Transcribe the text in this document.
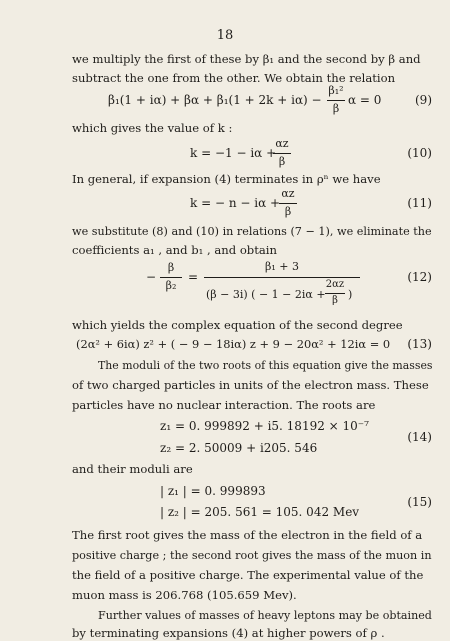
18
we multiply the first of these by β₁ and the second by β and
subtract the one from the other. We obtain the relation
β₁(1 + iα) + βα + β₁(1 + 2k + iα) −
β₁²
β
α = 0	(9)
which gives the value of k :
k = −1 − iα +
αz
β
(10)
In general, if expansion (4) terminates in ρⁿ we have
k = − n − iα +
αz
β
(11)
we substitute (8) and (10) in relations (7 − 1), we eliminate the
coefficients a₁ , and b₁ , and obtain
−
β
β₂
=
β₁ + 3
(β − 3i) ( − 1 − 2iα +
2αz
β )
(12)
which yields the complex equation of the second degree
(2α² + 6iα) z² + ( − 9 − 18iα) z + 9 − 20α² + 12iα = 0	(13)
The moduli of the two roots of this equation give the masses
of two charged particles in units of the electron mass. These
particles have no nuclear interaction. The roots are
z₁ = 0. 999892 + i5. 18192 × 10⁻⁷
z₂ = 2. 50009 + i205. 546
(14)
and their moduli are
| z₁ | = 0. 999893
| z₂ | = 205. 561 = 105. 042 Mev
(15)
The first root gives the mass of the electron in the field of a
positive charge ; the second root gives the mass of the muon in
the field of a positive charge. The experimental value of the
muon mass is 206.768 (105.659 Mev).
Further values of masses of heavy leptons may be obtained
by terminating expansions (4) at higher powers of ρ .
